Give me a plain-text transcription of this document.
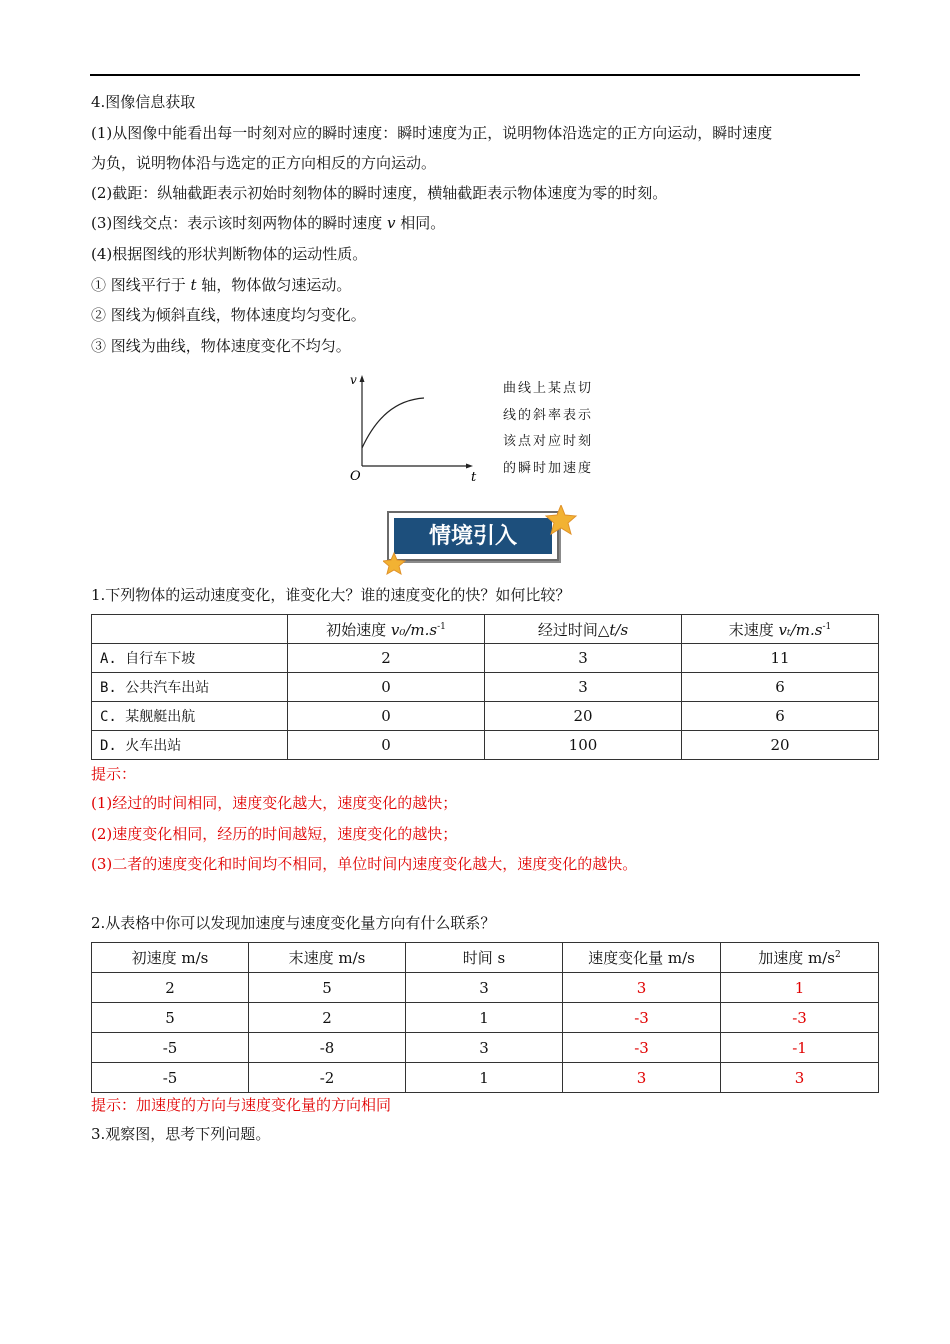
4.图像信息获取
(1)从图像中能看出每一时刻对应的瞬时速度：瞬时速度为正，说明物体沿选定的正方向运动，瞬时速度
为负，说明物体沿与选定的正方向相反的方向运动。
(2)截距：纵轴截距表示初始时刻物体的瞬时速度，横轴截距表示物体速度为零的时刻。
(3)图线交点：表示该时刻两物体的瞬时速度 v 相同。
(4)根据图线的形状判断物体的运动性质。
① 图线平行于 t 轴，物体做匀速运动。
② 图线为倾斜直线，物体速度均匀变化。
③ 图线为曲线，物体速度变化不均匀。
v
O	t
曲线上某点切
线的斜率表示
该点对应时刻
的瞬时加速度
情境引入
1.下列物体的运动速度变化，谁变化大？谁的速度变化的快？如何比较？
	初始速度 $v_0/m.s^{-1}$	经过时间△t/s	末速度 $v_t/m.s^{-1}$
A. 自行车下坡	2	3	11
B. 公共汽车出站	0	3	6
C. 某舰艇出航	0	20	6
D. 火车出站	0	100	20
提示：
(1)经过的时间相同，速度变化越大，速度变化的越快；
(2)速度变化相同，经历的时间越短，速度变化的越快；
(3)二者的速度变化和时间均不相同，单位时间内速度变化越大，速度变化的越快。
2.从表格中你可以发现加速度与速度变化量方向有什么联系？
初速度 m/s	末速度 m/s	时间 s	速度变化量 m/s	加速度 $m/s^2$
2	5	3	3	1
5	2	1	-3	-3
-5	-8	3	-3	-1
-5	-2	1	3	3
提示：加速度的方向与速度变化量的方向相同
3.观察图，思考下列问题。
